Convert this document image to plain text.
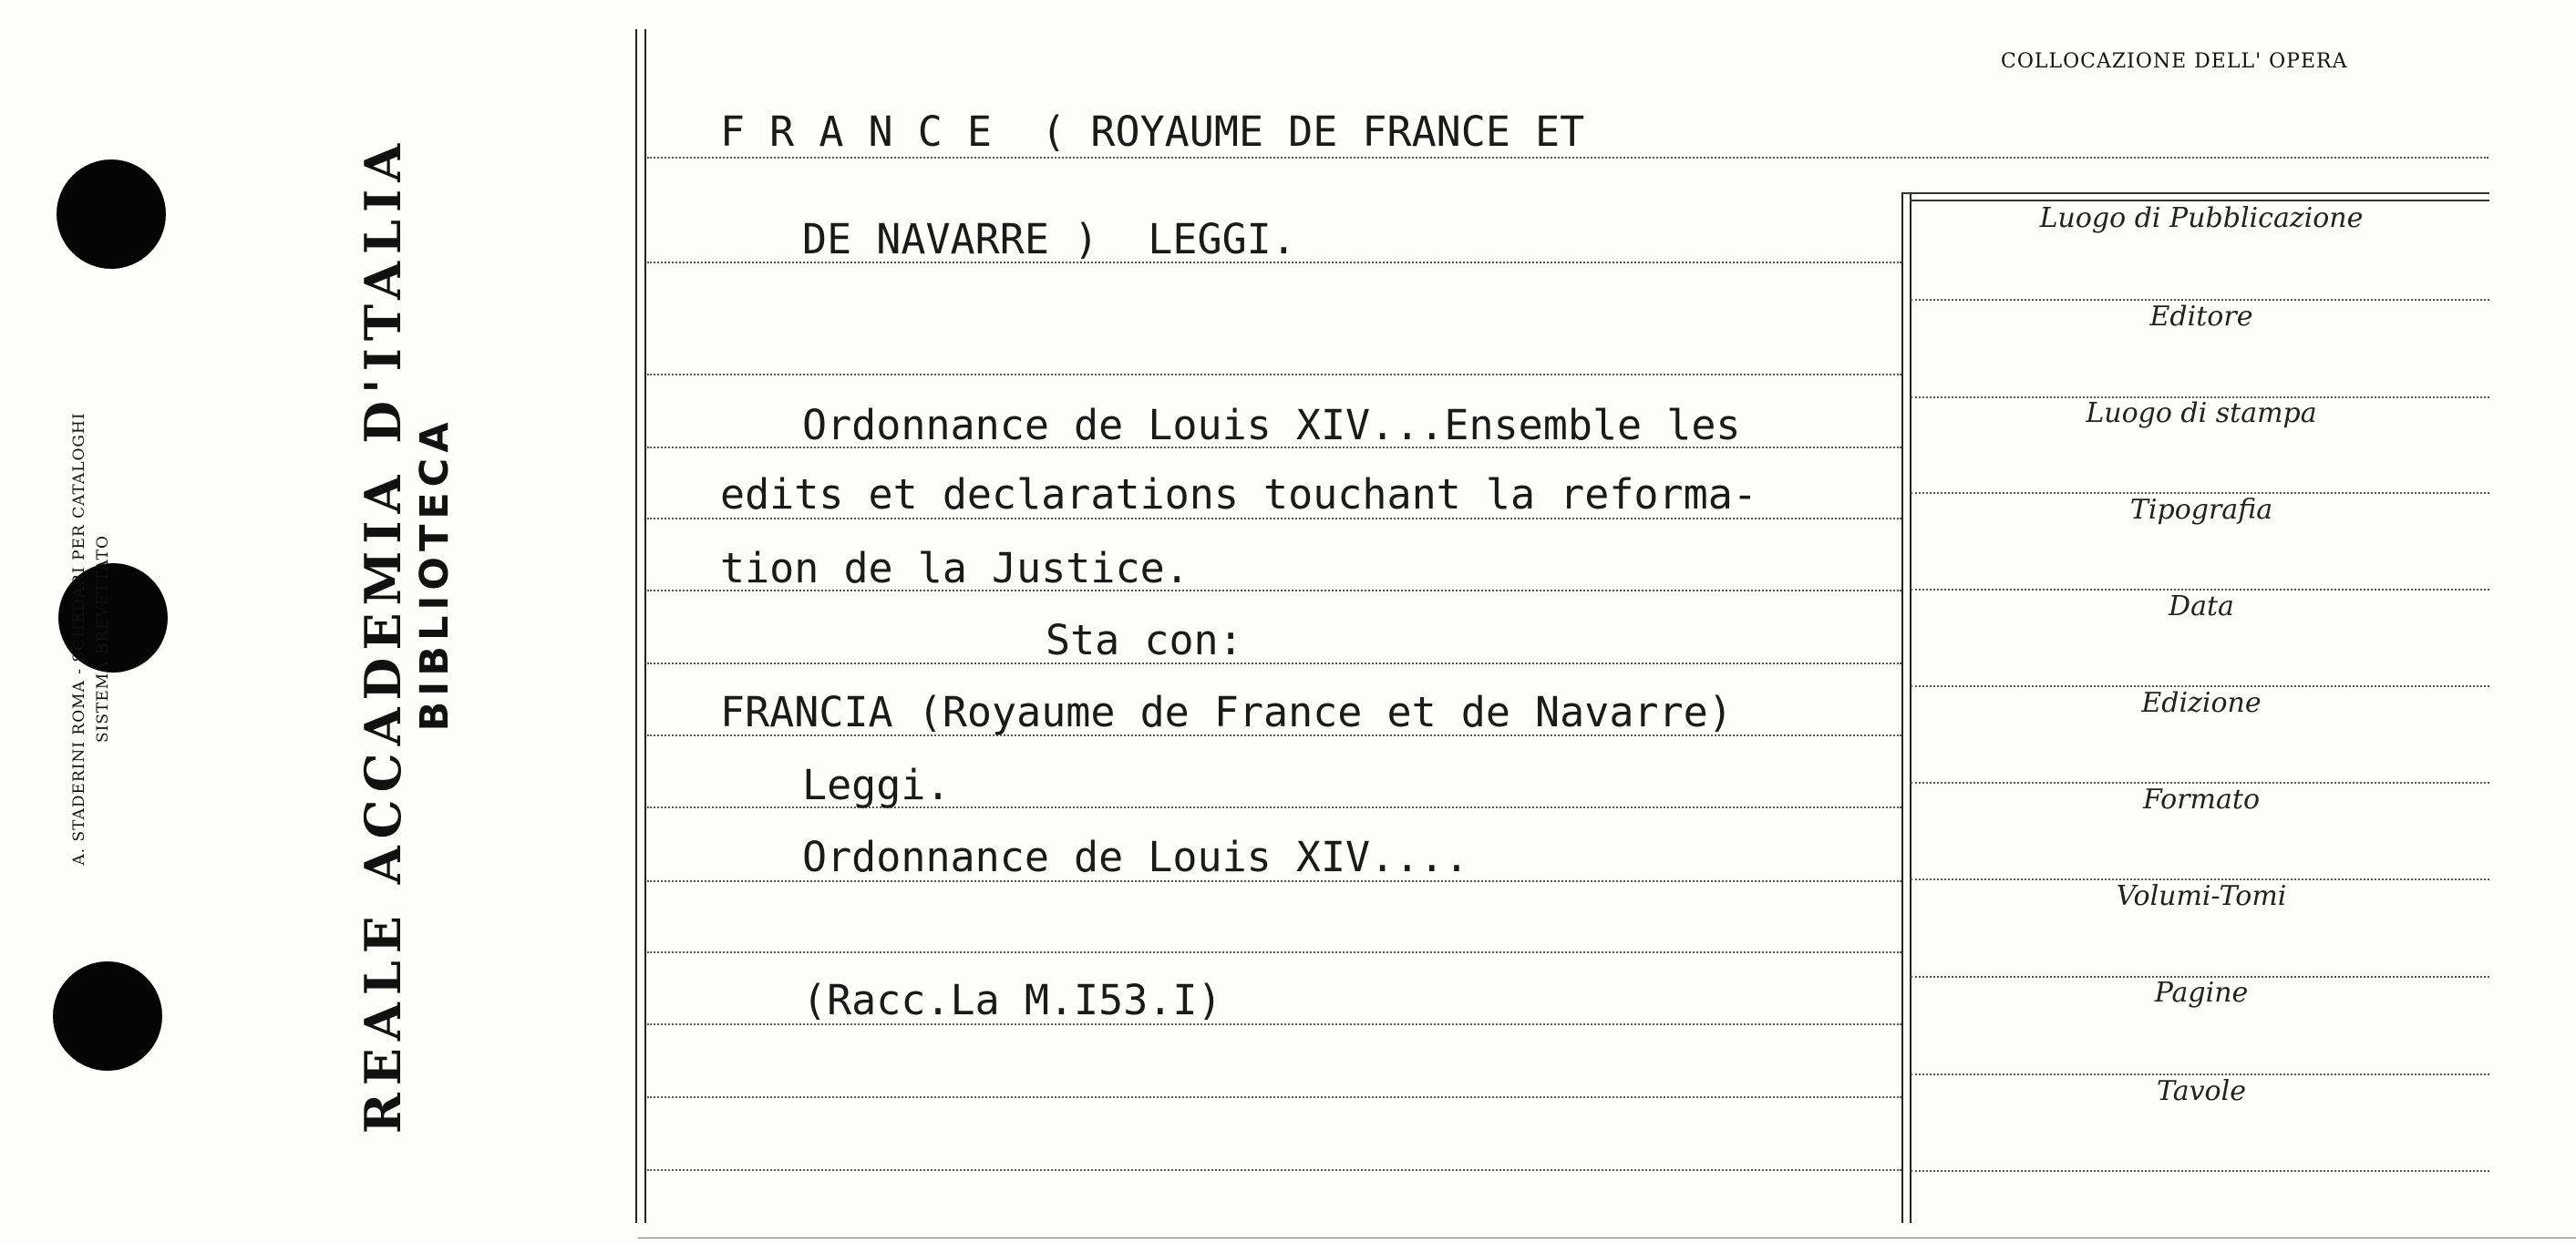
A. STADERINI ROMA - SCHEDARI PER CATALOGHI SISTEMA BREVETTATO	REALE ACCADEMIA D'ITALIA BIBLIOTECA
COLLOCAZIONE DELL' OPERA
F R A N C E  ( ROYAUME DE FRANCE ET
DE NAVARRE )  LEGGI.
Ordonnance de Louis XIV...Ensemble les
edits et declarations touchant la reforma-
tion de la Justice.
Sta con:
FRANCIA (Royaume de France et de Navarre)
Leggi.
Ordonnance de Louis XIV....
(Racc.La M.I53.I)
Luogo di Pubblicazione
Editore
Luogo di stampa
Tipografia
Data
Edizione
Formato
Volumi-Tomi
Pagine
Tavole
